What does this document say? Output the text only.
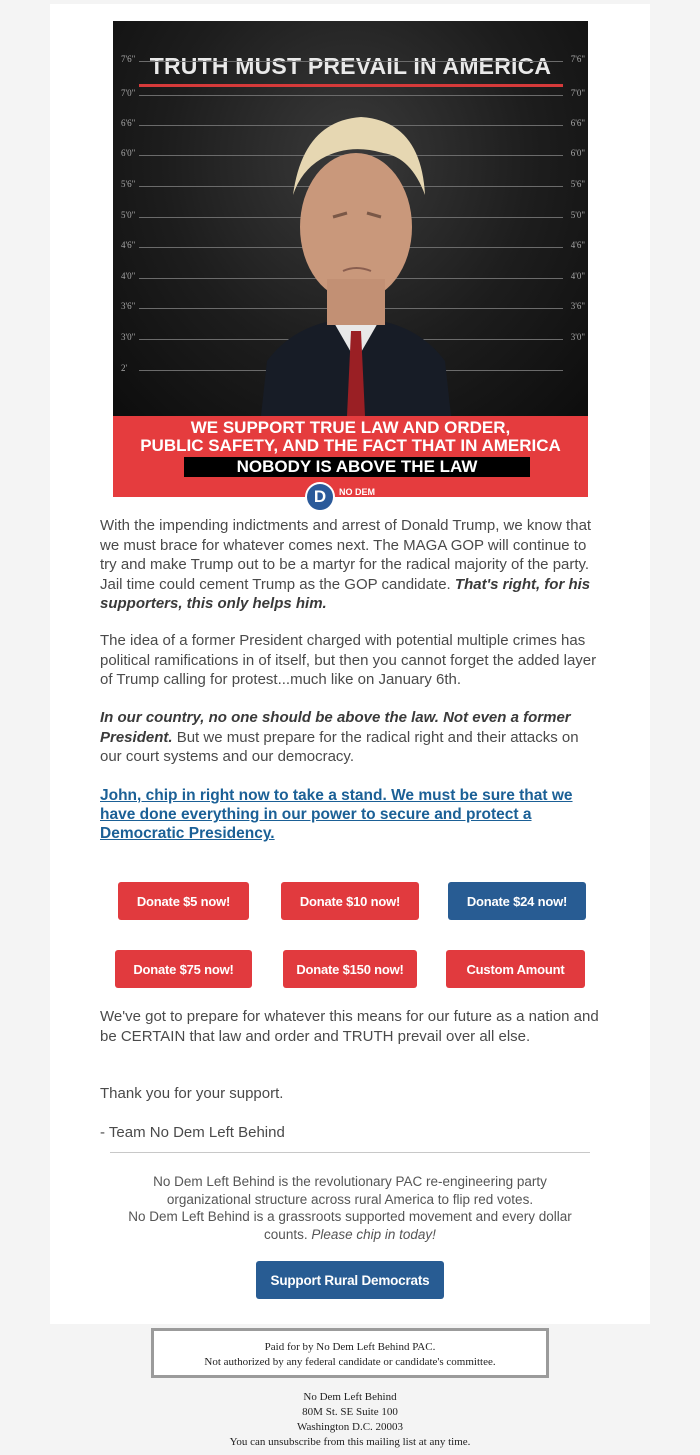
TRUTH MUST PREVAIL IN AMERICA
7'6"	7'6"
7'0"	7'0"
6'6"	6'6"
6'0"	6'0"
5'6"	5'6"
5'0"	5'0"
4'6"	4'6"
4'0"	4'0"
3'6"	3'6"
3'0"	3'0"
2'
WE SUPPORT TRUE LAW AND ORDER,
PUBLIC SAFETY, AND THE FACT THAT IN AMERICA
NOBODY IS ABOVE THE LAW
D	NO DEM
LEFT BEHIND
With the impending indictments and arrest of Donald Trump, we know that we must brace for whatever comes next. The MAGA GOP will continue to try and make Trump out to be a martyr for the radical majority of the party. Jail time could cement Trump as the GOP candidate. That's right, for his supporters, this only helps him.
The idea of a former President charged with potential multiple crimes has political ramifications in of itself, but then you cannot forget the added layer of Trump calling for protest...much like on January 6th.
In our country, no one should be above the law. Not even a former President. But we must prepare for the radical right and their attacks on our court systems and our democracy.
John, chip in right now to take a stand. We must be sure that we have done everything in our power to secure and protect a Democratic Presidency.
Donate $5 now!	Donate $10 now!	Donate $24 now!
Donate $75 now!	Donate $150 now!	Custom Amount
We've got to prepare for whatever this means for our future as a nation and be CERTAIN that law and order and TRUTH prevail over all else.
Thank you for your support.
- Team No Dem Left Behind
No Dem Left Behind is the revolutionary PAC re-engineering party organizational structure across rural America to flip red votes.
No Dem Left Behind is a grassroots supported movement and every dollar counts. Please chip in today!
Support Rural Democrats
Paid for by No Dem Left Behind PAC.
Not authorized by any federal candidate or candidate's committee.
No Dem Left Behind
80M St. SE Suite 100
Washington D.C. 20003
You can unsubscribe from this mailing list at any time.
